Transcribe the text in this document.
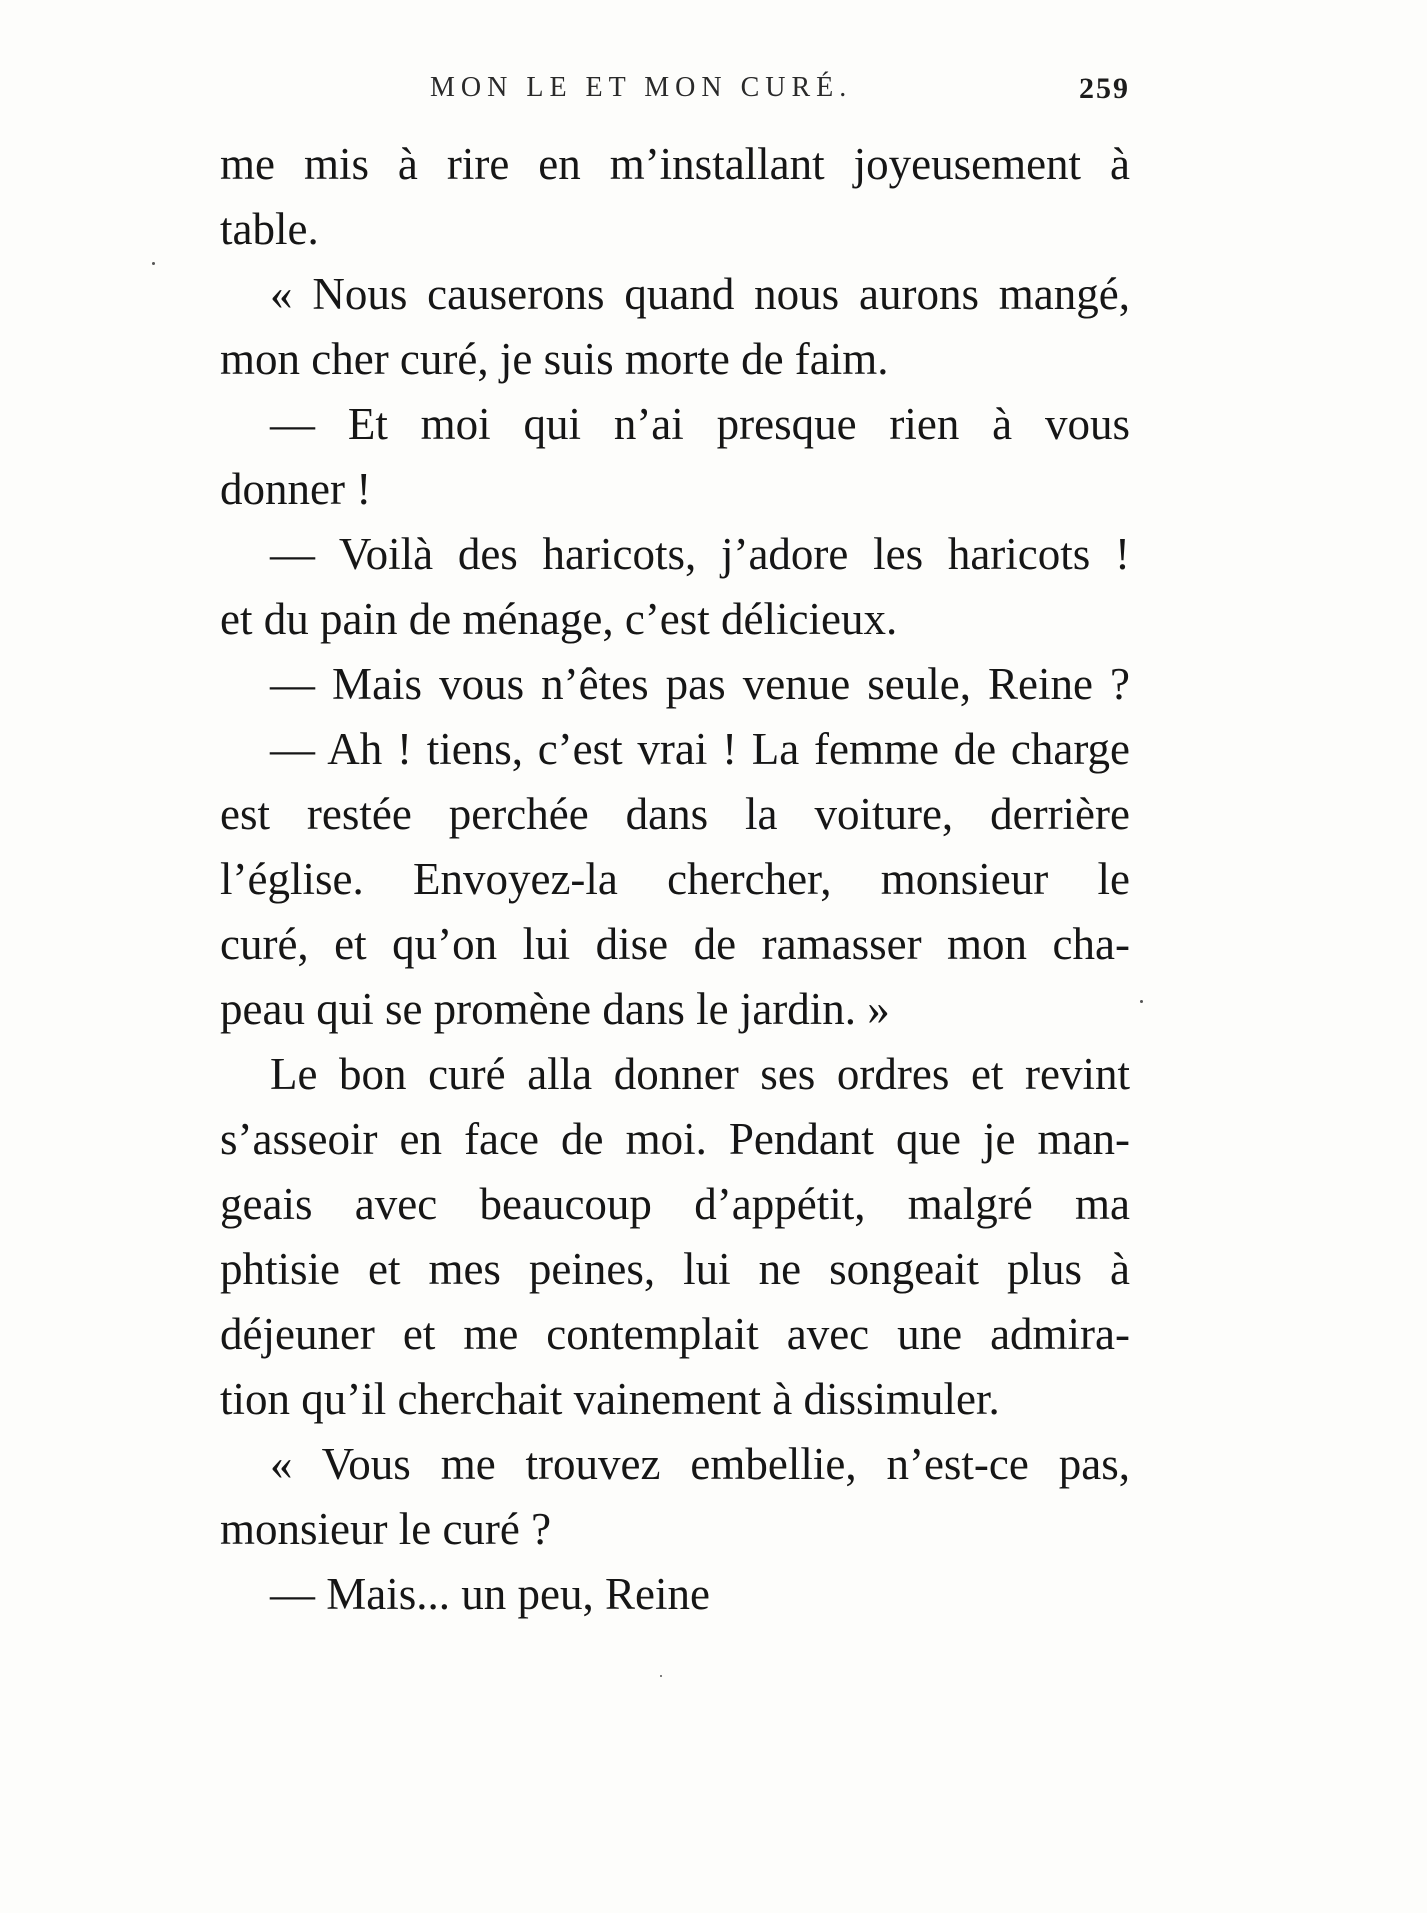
MON LE ET MON CURÉ.	259
me mis à rire en m’installant joyeusement à
table.
« Nous causerons quand nous aurons mangé,
mon cher curé, je suis morte de faim.
— Et moi qui n’ai presque rien à vous
donner !
— Voilà des haricots, j’adore les haricots !
et du pain de ménage, c’est délicieux.
— Mais vous n’êtes pas venue seule, Reine ?
— Ah ! tiens, c’est vrai ! La femme de charge
est restée perchée dans la voiture, derrière
l’église. Envoyez-la chercher, monsieur le
curé, et qu’on lui dise de ramasser mon cha-
peau qui se promène dans le jardin. »
Le bon curé alla donner ses ordres et revint
s’asseoir en face de moi. Pendant que je man-
geais avec beaucoup d’appétit, malgré ma
phtisie et mes peines, lui ne songeait plus à
déjeuner et me contemplait avec une admira-
tion qu’il cherchait vainement à dissimuler.
« Vous me trouvez embellie, n’est-ce pas,
monsieur le curé ?
— Mais... un peu, Reine
